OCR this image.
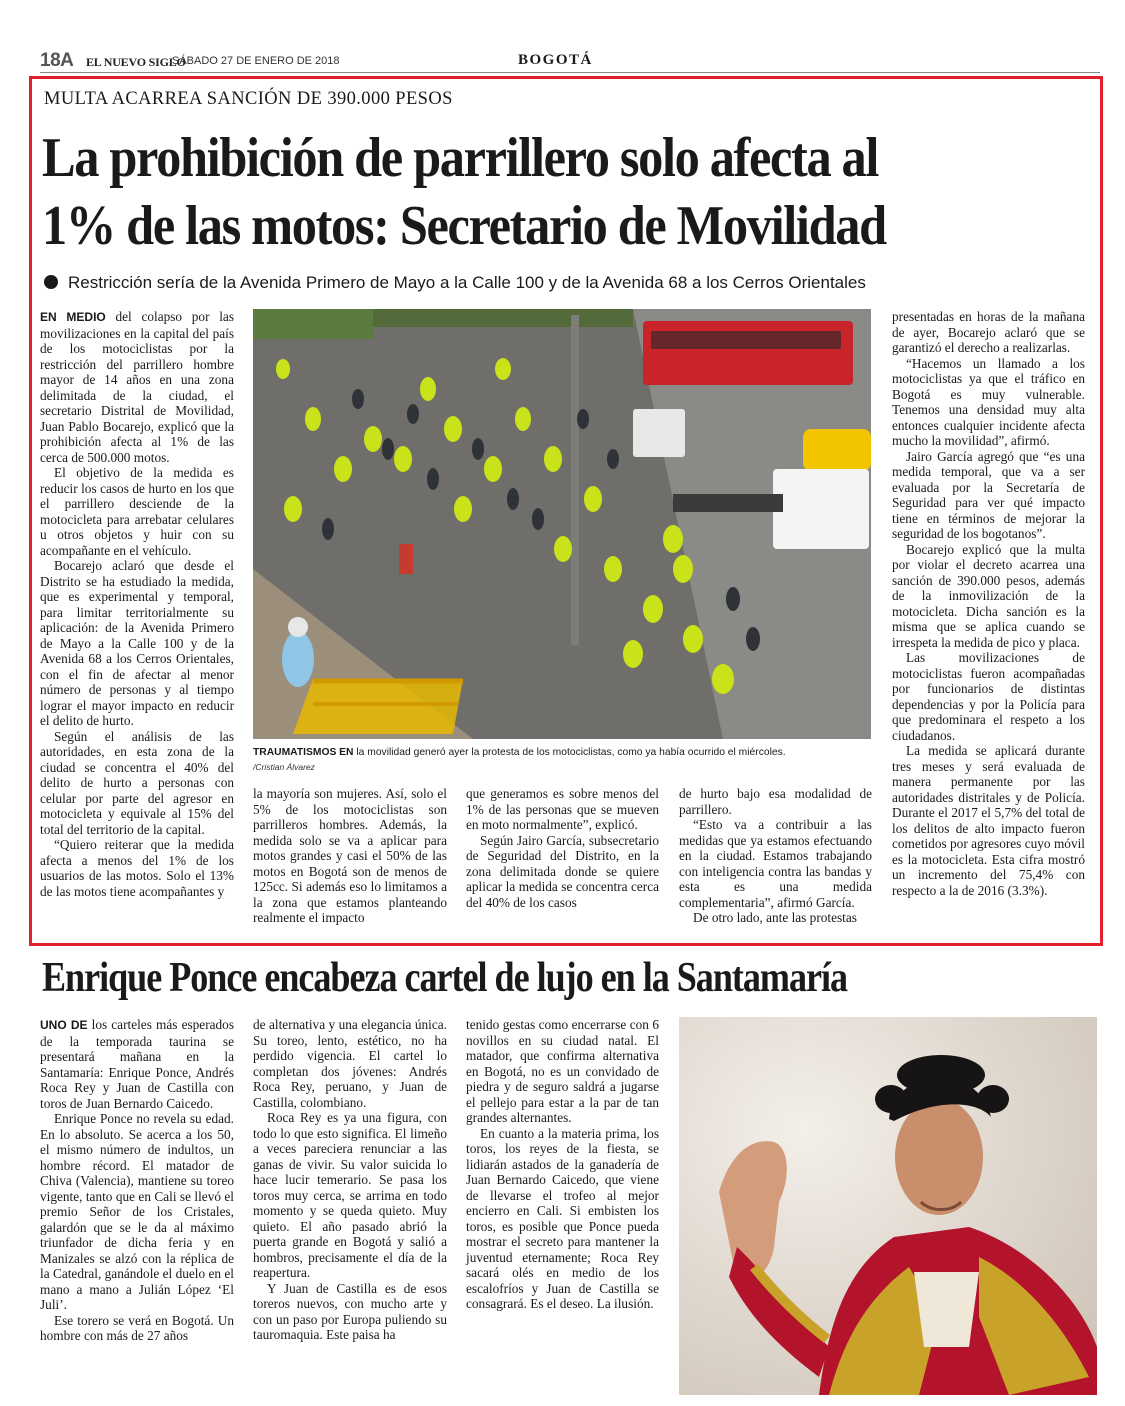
18A EL NUEVO SIGLO
SÁBADO 27 DE ENERO DE 2018	BOGOTÁ
MULTA ACARREA SANCIÓN DE 390.000 PESOS
La prohibición de parrillero solo afecta al
1% de las motos: Secretario de Movilidad
Restricción sería de la Avenida Primero de Mayo a la Calle 100 y de la Avenida 68 a los Cerros Orientales

EN MEDIO del colapso por las movilizaciones en la capital del país de los motociclistas por la restricción del parrillero hombre mayor de 14 años en una zona delimitada de la ciudad, el secretario Distrital de Movilidad, Juan Pablo Bocarejo, explicó que la prohibición afecta al 1% de las cerca de 500.000 motos.

El objetivo de la medida es reducir los casos de hurto en los que el parrillero desciende de la motocicleta para arrebatar celulares u otros objetos y huir con su acompañante en el vehículo.

Bocarejo aclaró que desde el Distrito se ha estudiado la medida, que es experimental y temporal, para limitar territorialmente su aplicación: de la Avenida Primero de Mayo a la Calle 100 y de la Avenida 68 a los Cerros Orientales, con el fin de afectar al menor número de personas y al tiempo lograr el mayor impacto en reducir el delito de hurto.

Según el análisis de las autoridades, en esta zona de la ciudad se concentra el 40% del delito de hurto a personas con celular por parte del agresor en motocicleta y equivale al 15% del total del territorio de la capital.

“Quiero reiterar que la medida afecta a menos del 1% de los usuarios de las motos. Solo el 13% de las motos tiene acompañantes y

TRAUMATISMOS EN la movilidad generó ayer la protesta de los motociclistas, como ya había ocurrido el miércoles.
/Cristian Álvarez

la mayoría son mujeres. Así, solo el 5% de los motociclistas son parrilleros hombres. Además, la medida solo se va a aplicar para motos grandes y casi el 50% de las motos en Bogotá son de menos de 125cc. Si además eso lo limitamos a la zona que estamos planteando realmente el impacto

que generamos es sobre menos del 1% de las personas que se mueven en moto normalmente”, explicó.

Según Jairo García, subsecretario de Seguridad del Distrito, en la zona delimitada donde se quiere aplicar la medida se concentra cerca del 40% de los casos

de hurto bajo esa modalidad de parrillero.

“Esto va a contribuir a las medidas que ya estamos efectuando en la ciudad. Estamos trabajando con inteligencia contra las bandas y esta es una medida complementaria”, afirmó García.

De otro lado, ante las protestas

presentadas en horas de la mañana de ayer, Bocarejo aclaró que se garantizó el derecho a realizarlas.

“Hacemos un llamado a los motociclistas ya que el tráfico en Bogotá es muy vulnerable. Tenemos una densidad muy alta entonces cualquier incidente afecta mucho la movilidad”, afirmó.

Jairo García agregó que “es una medida temporal, que va a ser evaluada por la Secretaría de Seguridad para ver qué impacto tiene en términos de mejorar la seguridad de los bogotanos”.

Bocarejo explicó que la multa por violar el decreto acarrea una sanción de 390.000 pesos, además de la inmovilización de la motocicleta. Dicha sanción es la misma que se aplica cuando se irrespeta la medida de pico y placa.

Las movilizaciones de motociclistas fueron acompañadas por funcionarios de distintas dependencias y por la Policía para que predominara el respeto a los ciudadanos.

La medida se aplicará durante tres meses y será evaluada de manera permanente por las autoridades distritales y de Policía. Durante el 2017 el 5,7% del total de los delitos de alto impacto fueron cometidos por agresores cuyo móvil es la motocicleta. Esta cifra mostró un incremento del 75,4% con respecto a la de 2016 (3.3%).

Enrique Ponce encabeza cartel de lujo en la Santamaría

UNO DE los carteles más esperados de la temporada taurina se presentará mañana en la Santamaría: Enrique Ponce, Andrés Roca Rey y Juan de Castilla con toros de Juan Bernardo Caicedo.

Enrique Ponce no revela su edad. En lo absoluto. Se acerca a los 50, el mismo número de indultos, un hombre récord. El matador de Chiva (Valencia), mantiene su toreo vigente, tanto que en Cali se llevó el premio Señor de los Cristales, galardón que se le da al máximo triunfador de dicha feria y en Manizales se alzó con la réplica de la Catedral, ganándole el duelo en el mano a mano a Julián López ‘El Juli’.

Ese torero se verá en Bogotá. Un hombre con más de 27 años

de alternativa y una elegancia única. Su toreo, lento, estético, no ha perdido vigencia. El cartel lo completan dos jóvenes: Andrés Roca Rey, peruano, y Juan de Castilla, colombiano.

Roca Rey es ya una figura, con todo lo que esto significa. El limeño a veces pareciera renunciar a las ganas de vivir. Su valor suicida lo hace lucir temerario. Se pasa los toros muy cerca, se arrima en todo momento y se queda quieto. Muy quieto. El año pasado abrió la puerta grande en Bogotá y salió a hombros, precisamente el día de la reapertura.

Y Juan de Castilla es de esos toreros nuevos, con mucho arte y con un paso por Europa puliendo su tauromaquia. Este paisa ha

tenido gestas como encerrarse con 6 novillos en su ciudad natal. El matador, que confirma alternativa en Bogotá, no es un convidado de piedra y de seguro saldrá a jugarse el pellejo para estar a la par de tan grandes alternantes.

En cuanto a la materia prima, los toros, los reyes de la fiesta, se lidiarán astados de la ganadería de Juan Bernardo Caicedo, que viene de llevarse el trofeo al mejor encierro en Cali. Si embisten los toros, es posible que Ponce pueda mostrar el secreto para mantener la juventud eternamente; Roca Rey sacará olés en medio de los escalofríos y Juan de Castilla se consagrará. Es el deseo. La ilusión.
